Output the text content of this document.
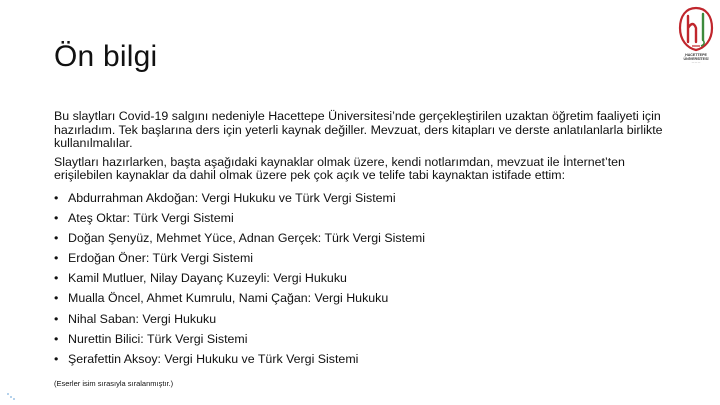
Ön bilgi	HACETTEPE ÜNİVERSİTESİ
— — —

Bu slaytları Covid-19 salgını nedeniyle Hacettepe Üniversitesi’nde gerçekleştirilen uzaktan öğretim faaliyeti için hazırladım. Tek başlarına ders için yeterli kaynak değiller. Mevzuat, ders kitapları ve derste anlatılanlarla birlikte kullanılmalılar.

Slaytları hazırlarken, başta aşağıdaki kaynaklar olmak üzere, kendi notlarımdan, mevzuat ile İnternet’ten erişilebilen kaynaklar da dahil olmak üzere pek çok açık ve telife tabi kaynaktan istifade ettim:

• Abdurrahman Akdoğan: Vergi Hukuku ve Türk Vergi Sistemi
• Ateş Oktar: Türk Vergi Sistemi
• Doğan Şenyüz, Mehmet Yüce, Adnan Gerçek: Türk Vergi Sistemi
• Erdoğan Öner: Türk Vergi Sistemi
• Kamil Mutluer, Nilay Dayanç Kuzeyli: Vergi Hukuku
• Mualla Öncel, Ahmet Kumrulu, Nami Çağan: Vergi Hukuku
• Nihal Saban: Vergi Hukuku
• Nurettin Bilici: Türk Vergi Sistemi
• Şerafettin Aksoy: Vergi Hukuku ve Türk Vergi Sistemi
(Eserler isim sırasıyla sıralanmıştır.)
